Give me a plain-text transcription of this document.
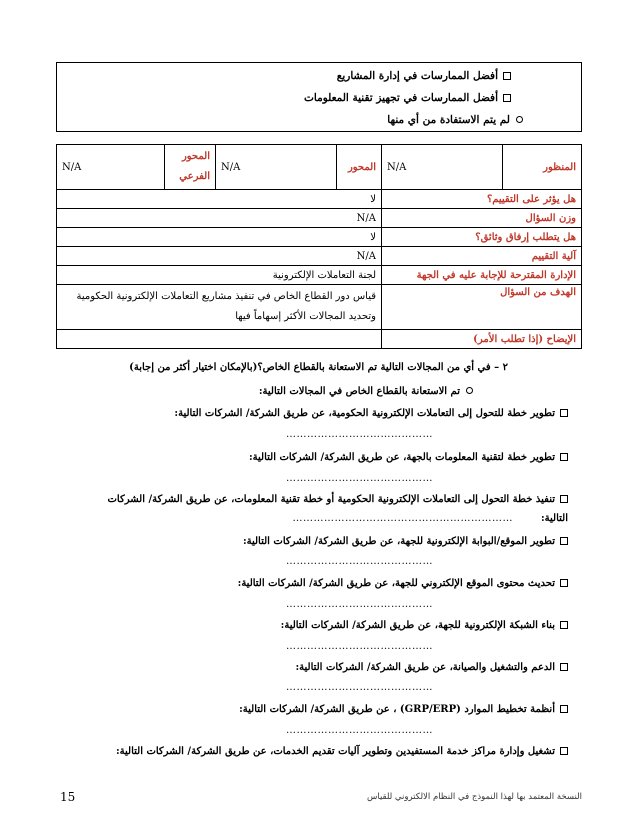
أفضل الممارسات في إدارة المشاريع
أفضل الممارسات في تجهيز تقنية المعلومات
لم يتم الاستفادة من أي منها
المنظور	N/A	المحور	N/A	المحور الفرعي	N/A
هل يؤثر على التقييم؟		لا			
وزن السؤال		N/A			
هل يتطلب إرفاق وثائق؟		لا			
آلية التقييم		N/A			
الإدارة المقترحة للإجابة عليه في الجهة		لجنة التعاملات الإلكترونية			
الهدف من السؤال		قياس دور القطاع الخاص في تنفيذ مشاريع التعاملات الإلكترونية الحكومية وتحديد المجالات الأكثر إسهاماً فيها			
الإيضاح (إذا تطلب الأمر)					
٢ – في أي من المجالات التالية تم الاستعانة بالقطاع الخاص؟(بالإمكان اختيار أكثر من إجابة)
تم الاستعانة بالقطاع الخاص في المجالات التالية:
تطوير خطة للتحول إلى التعاملات الإلكترونية الحكومية، عن طريق الشركة/ الشركات التالية:
……………………………………
تطوير خطة لتقنية المعلومات بالجهة، عن طريق الشركة/ الشركات التالية:
……………………………………
تنفيذ خطة التحول إلى التعاملات الإلكترونية الحكومية أو خطة تقنية المعلومات، عن طريق الشركة/ الشركات
التالية:
………………………………………………………
تطوير الموقع/البوابة الإلكترونية للجهة، عن طريق الشركة/ الشركات التالية:
……………………………………
تحديث محتوى الموقع الإلكتروني للجهة، عن طريق الشركة/ الشركات التالية:
……………………………………
بناء الشبكة الإلكترونية للجهة، عن طريق الشركة/ الشركات التالية:
……………………………………
الدعم والتشغيل والصيانة، عن طريق الشركة/ الشركات التالية:
……………………………………
أنظمة تخطيط الموارد (GRP/ERP) ، عن طريق الشركة/ الشركات التالية:
……………………………………
تشغيل وإدارة مراكز خدمة المستفيدين وتطوير آليات تقديم الخدمات، عن طريق الشركة/ الشركات التالية:
15	النسخة المعتمد بها لهذا النموذج في النظام الالكتروني للقياس
